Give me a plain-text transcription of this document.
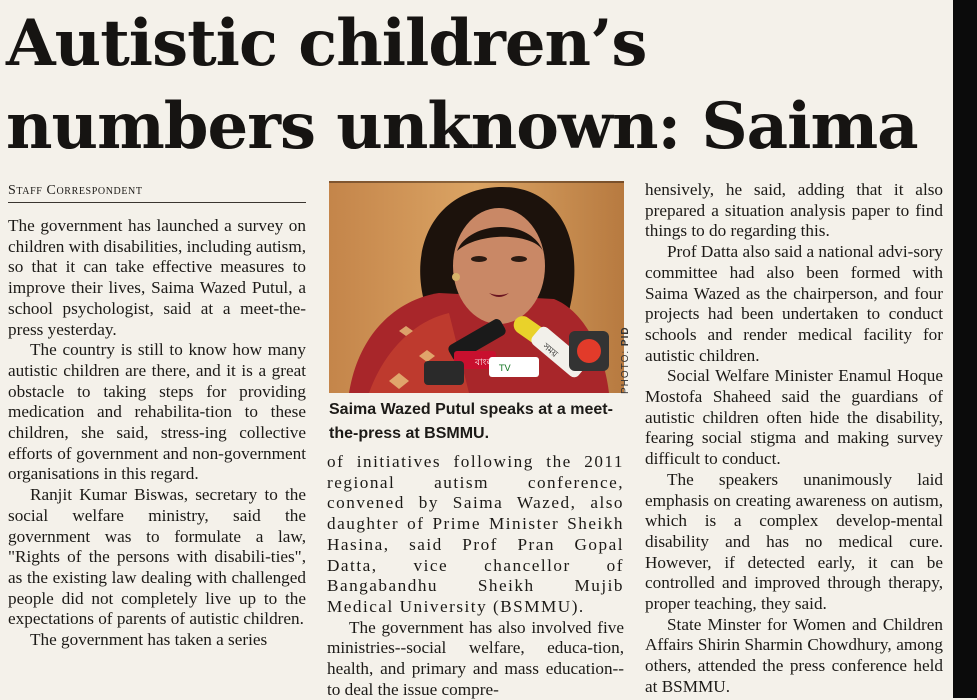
Autistic children’s numbers unknown: Saima
Staff Correspondent

The government has launched a survey on children with disabilities, including autism, so that it can take effective measures to improve their lives, Saima Wazed Putul, a school psychologist, said at a meet-the-press yesterday.

The country is still to know how many autistic children are there, and it is a great obstacle to taking steps for providing medication and rehabilita-tion to these children, she said, stress-ing collective efforts of government and non-government organisations in this regard.

Ranjit Kumar Biswas, secretary to the social welfare ministry, said the government was to formulate a law, "Rights of the persons with disabili-ties", as the existing law dealing with challenged people did not completely live up to the expectations of parents of autistic children.

The government has taken a series

বাংলা
TV
সময়	PHOTO: PID
Saima Wazed Putul speaks at a meet-the-press at BSMMU.

of initiatives following the 2011 regional autism conference, convened by Saima Wazed, also daughter of Prime Minister Sheikh Hasina, said Prof Pran Gopal Datta, vice chancellor of Bangabandhu Sheikh Mujib Medical University (BSMMU).

The government has also involved five ministries--social welfare, educa-tion, health, and primary and mass education--to deal the issue compre-

hensively, he said, adding that it also prepared a situation analysis paper to find things to do regarding this.

Prof Datta also said a national advi-sory committee had also been formed with Saima Wazed as the chairperson, and four projects had been undertaken to conduct schools and render medical facility for autistic children.

Social Welfare Minister Enamul Hoque Mostofa Shaheed said the guardians of autistic children often hide the disability, fearing social stigma and making survey difficult to conduct.

The speakers unanimously laid emphasis on creating awareness on autism, which is a complex develop-mental disability and has no medical cure. However, if detected early, it can be controlled and improved through therapy, proper teaching, they said.

State Minster for Women and Children Affairs Shirin Sharmin Chowdhury, among others, attended the press conference held at BSMMU.
